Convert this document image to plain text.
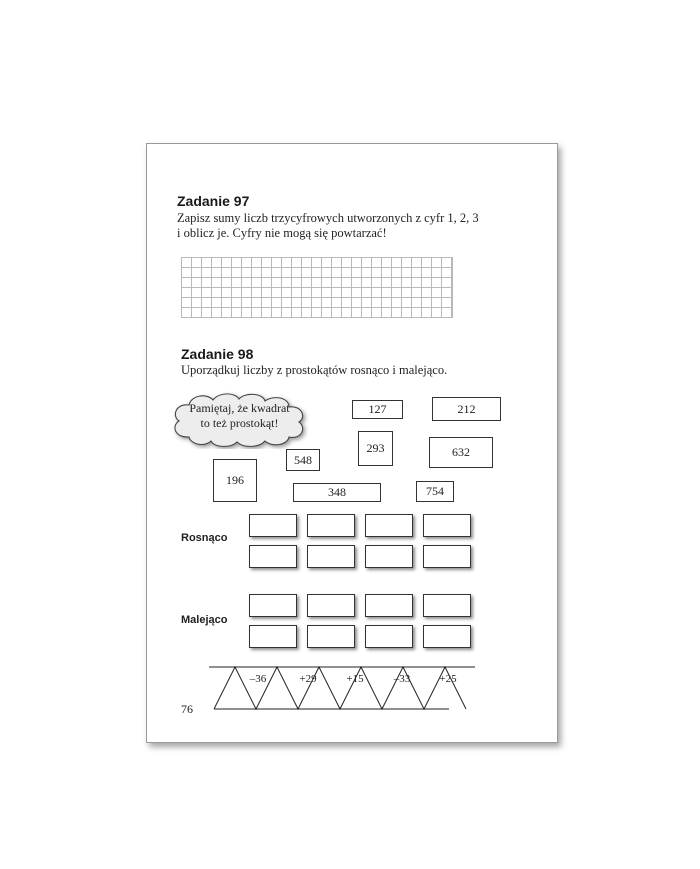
Zadanie 97
Zapisz sumy liczb trzycyfrowych utworzonych z cyfr 1, 2, 3
i oblicz je. Cyfry nie mogą się powtarzać!
Zadanie 98
Uporządkuj liczby z prostokątów rosnąco i malejąco.
Pamiętaj, że kwadrat
to też prostokąt!
127	212
293	632
548
196
348	754
Rosnąco
Malejąco
–36	+29	+15	–33	+25
76
